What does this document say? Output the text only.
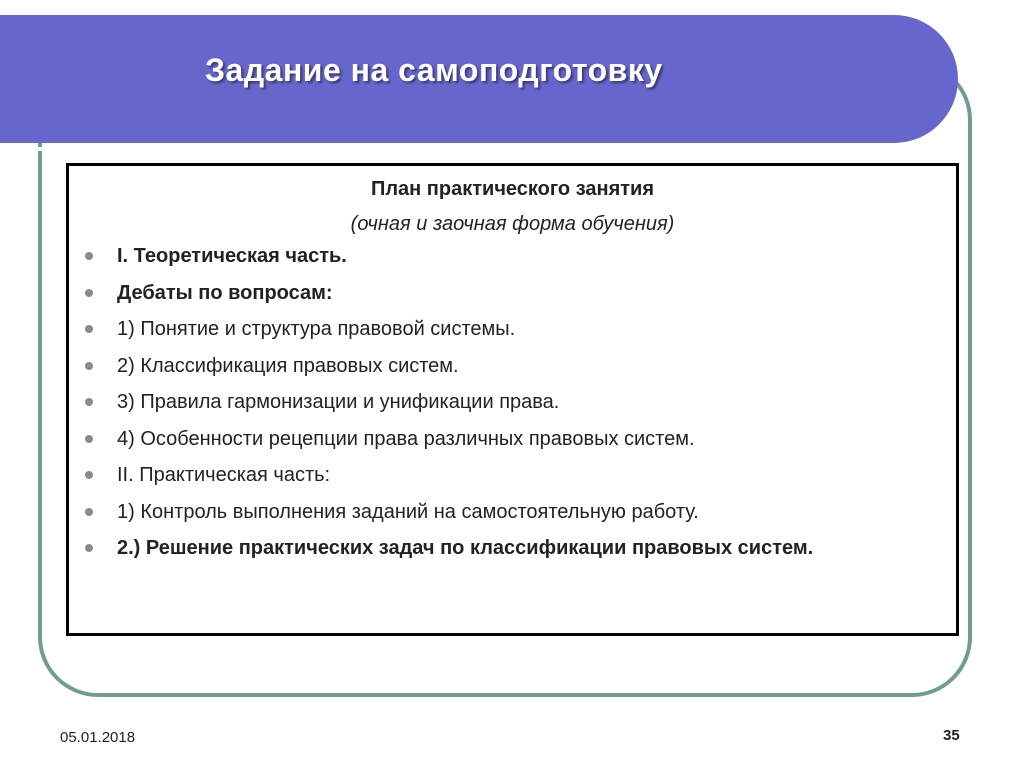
Задание на самоподготовку
План практического занятия
(очная и заочная форма обучения)
I. Теоретическая часть.
Дебаты по вопросам:
1) Понятие и структура правовой системы.
2) Классификация правовых систем.
3) Правила гармонизации и унификации права.
4) Особенности рецепции права различных правовых систем.
II. Практическая часть:
1) Контроль выполнения заданий на самостоятельную работу.
2.) Решение практических задач по классификации правовых систем.
05.01.2018	35
